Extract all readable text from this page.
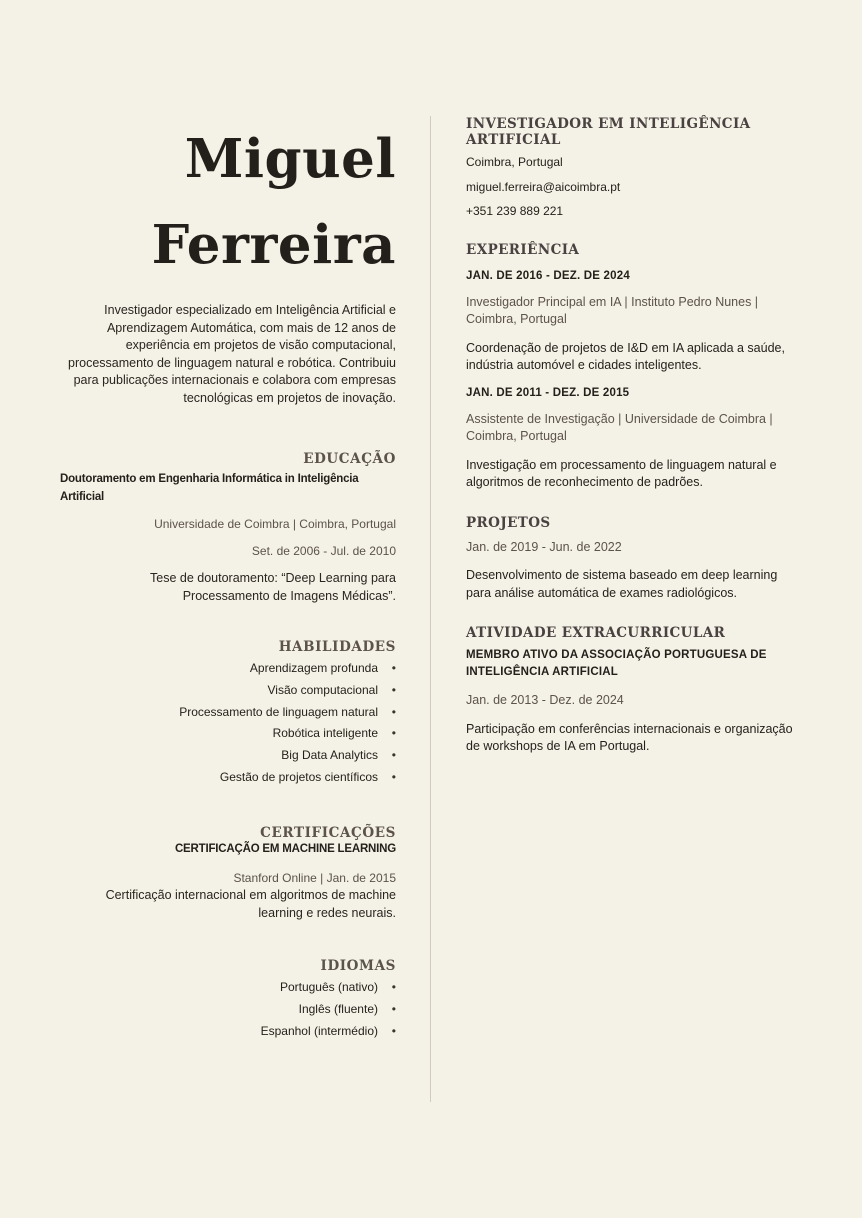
Miguel
Ferreira
Investigador especializado em Inteligência Artificial e Aprendizagem Automática, com mais de 12 anos de experiência em projetos de visão computacional, processamento de linguagem natural e robótica. Contribuiu para publicações internacionais e colabora com empresas tecnológicas em projetos de inovação.
EDUCAÇÃO
Doutoramento em Engenharia Informática in Inteligência Artificial
Universidade de Coimbra | Coimbra, Portugal
Set. de 2006 - Jul. de 2010
Tese de doutoramento: “Deep Learning para Processamento de Imagens Médicas”.
HABILIDADES
Aprendizagem profunda •
Visão computacional •
Processamento de linguagem natural •
Robótica inteligente •
Big Data Analytics •
Gestão de projetos científicos •
CERTIFICAÇÕES
CERTIFICAÇÃO EM MACHINE LEARNING
Stanford Online | Jan. de 2015
Certificação internacional em algoritmos de machine learning e redes neurais.
IDIOMAS
Português (nativo) •
Inglês (fluente) •
Espanhol (intermédio) •
INVESTIGADOR EM INTELIGÊNCIA ARTIFICIAL
Coimbra, Portugal
miguel.ferreira@aicoimbra.pt
+351 239 889 221
EXPERIÊNCIA
JAN. DE 2016 - DEZ. DE 2024
Investigador Principal em IA | Instituto Pedro Nunes | Coimbra, Portugal
Coordenação de projetos de I&D em IA aplicada a saúde, indústria automóvel e cidades inteligentes.
JAN. DE 2011 - DEZ. DE 2015
Assistente de Investigação | Universidade de Coimbra | Coimbra, Portugal
Investigação em processamento de linguagem natural e algoritmos de reconhecimento de padrões.
PROJETOS
Jan. de 2019 - Jun. de 2022
Desenvolvimento de sistema baseado em deep learning para análise automática de exames radiológicos.
ATIVIDADE EXTRACURRICULAR
MEMBRO ATIVO DA ASSOCIAÇÃO PORTUGUESA DE INTELIGÊNCIA ARTIFICIAL
Jan. de 2013 - Dez. de 2024
Participação em conferências internacionais e organização de workshops de IA em Portugal.
